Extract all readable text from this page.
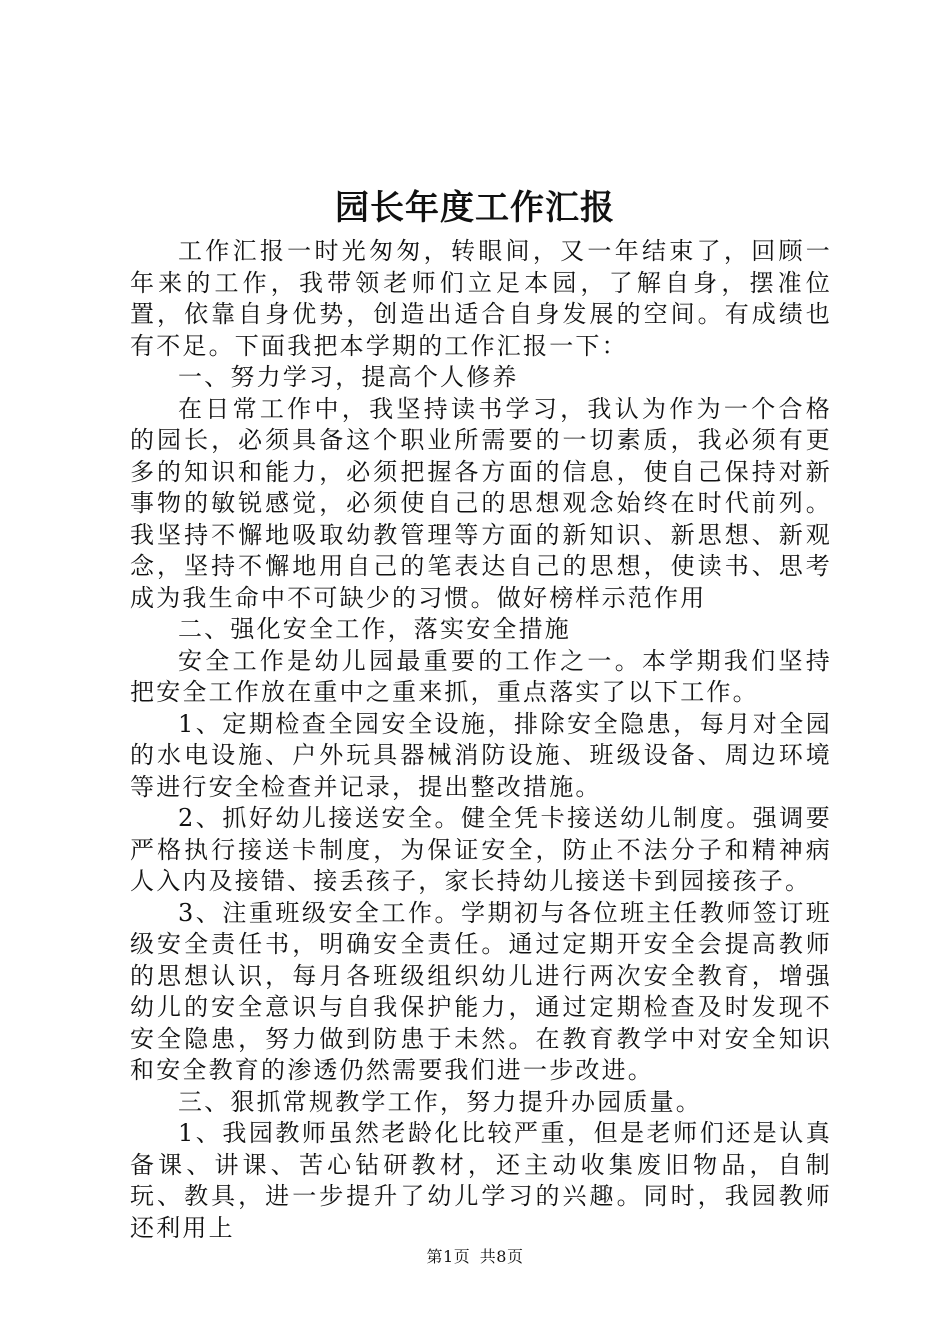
园长年度工作汇报

工作汇报一时光匆匆，转眼间，又一年结束了，回顾一年来的工作，我带领老师们立足本园，了解自身，摆准位置，依靠自身优势，创造出适合自身发展的空间。有成绩也有不足。下面我把本学期的工作汇报一下：

一、努力学习，提高个人修养

在日常工作中，我坚持读书学习，我认为作为一个合格的园长，必须具备这个职业所需要的一切素质，我必须有更多的知识和能力，必须把握各方面的信息，使自己保持对新事物的敏锐感觉，必须使自己的思想观念始终在时代前列。我坚持不懈地吸取幼教管理等方面的新知识、新思想、新观念，坚持不懈地用自己的笔表达自己的思想，使读书、思考成为我生命中不可缺少的习惯。做好榜样示范作用

二、强化安全工作，落实安全措施

安全工作是幼儿园最重要的工作之一。本学期我们坚持把安全工作放在重中之重来抓，重点落实了以下工作。

1、定期检查全园安全设施，排除安全隐患，每月对全园的水电设施、户外玩具器械消防设施、班级设备、周边环境等进行安全检查并记录，提出整改措施。

2、抓好幼儿接送安全。健全凭卡接送幼儿制度。强调要严格执行接送卡制度，为保证安全，防止不法分子和精神病人入内及接错、接丢孩子，家长持幼儿接送卡到园接孩子。

3、注重班级安全工作。学期初与各位班主任教师签订班级安全责任书，明确安全责任。通过定期开安全会提高教师的思想认识，每月各班级组织幼儿进行两次安全教育，增强幼儿的安全意识与自我保护能力，通过定期检查及时发现不安全隐患，努力做到防患于未然。在教育教学中对安全知识和安全教育的渗透仍然需要我们进一步改进。

三、狠抓常规教学工作，努力提升办园质量。

1、我园教师虽然老龄化比较严重，但是老师们还是认真备课、讲课、苦心钻研教材，还主动收集废旧物品，自制玩、教具，进一步提升了幼儿学习的兴趣。同时，我园教师还利用上

第1页 共8页
